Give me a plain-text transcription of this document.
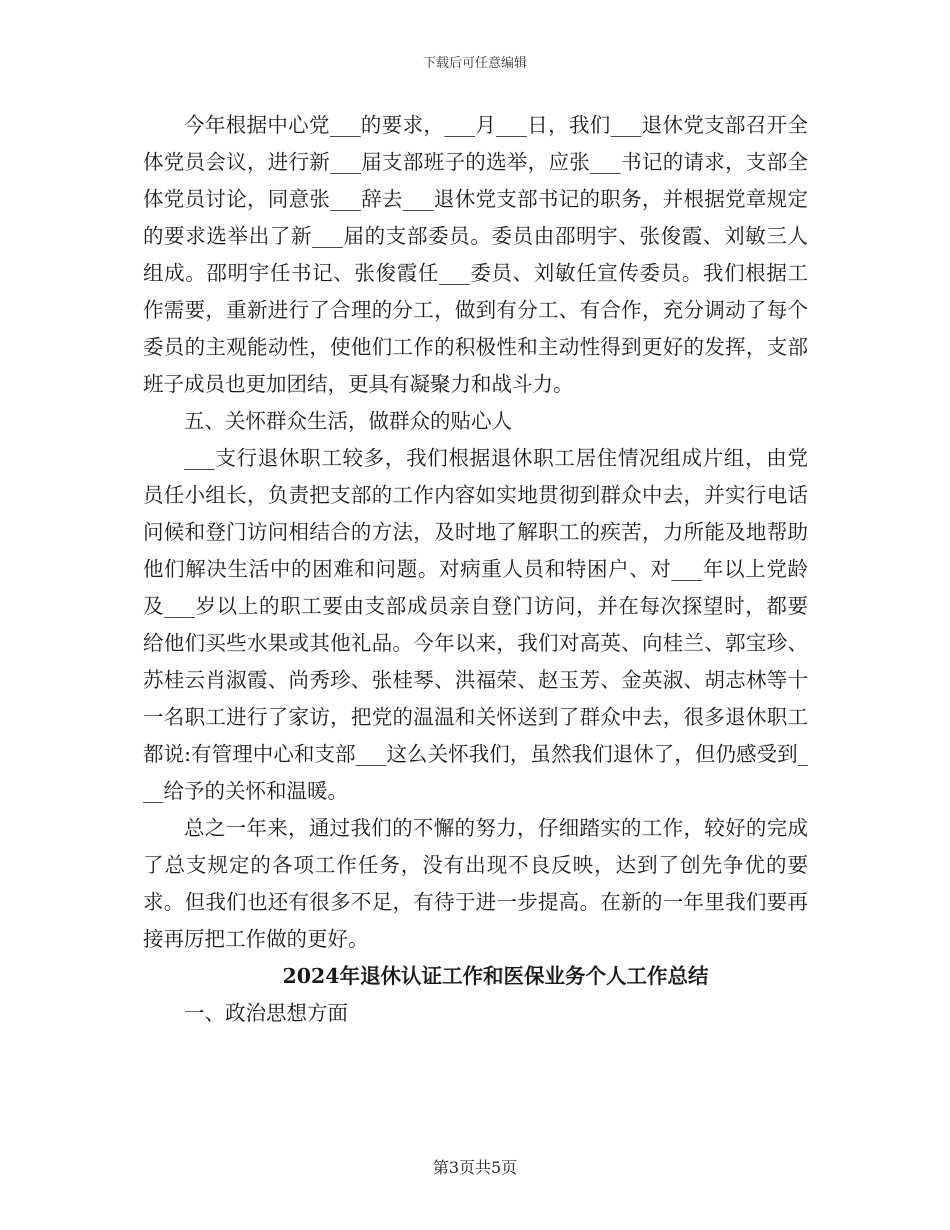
下载后可任意编辑

今年根据中心党___的要求，___月___日，我们___退休党支部召开全体党员会议，进行新___届支部班子的选举，应张___书记的请求，支部全体党员讨论，同意张___辞去___退休党支部书记的职务，并根据党章规定的要求选举出了新___届的支部委员。委员由邵明宇、张俊霞、刘敏三人组成。邵明宇任书记、张俊霞任___委员、刘敏任宣传委员。我们根据工作需要，重新进行了合理的分工，做到有分工、有合作，充分调动了每个委员的主观能动性，使他们工作的积极性和主动性得到更好的发挥，支部班子成员也更加团结，更具有凝聚力和战斗力。

五、关怀群众生活，做群众的贴心人

___支行退休职工较多，我们根据退休职工居住情况组成片组，由党员任小组长，负责把支部的工作内容如实地贯彻到群众中去，并实行电话问候和登门访问相结合的方法，及时地了解职工的疾苦，力所能及地帮助他们解决生活中的困难和问题。对病重人员和特困户、对___年以上党龄及___岁以上的职工要由支部成员亲自登门访问，并在每次探望时，都要给他们买些水果或其他礼品。今年以来，我们对高英、向桂兰、郭宝珍、苏桂云肖淑霞、尚秀珍、张桂琴、洪福荣、赵玉芳、金英淑、胡志林等十一名职工进行了家访，把党的温温和关怀送到了群众中去，很多退休职工都说:有管理中心和支部___这么关怀我们，虽然我们退休了，但仍感受到___给予的关怀和温暖。

总之一年来，通过我们的不懈的努力，仔细踏实的工作，较好的完成了总支规定的各项工作任务，没有出现不良反映，达到了创先争优的要求。但我们也还有很多不足，有待于进一步提高。在新的一年里我们要再接再厉把工作做的更好。

2024年退休认证工作和医保业务个人工作总结

一、政治思想方面

第3页共5页
